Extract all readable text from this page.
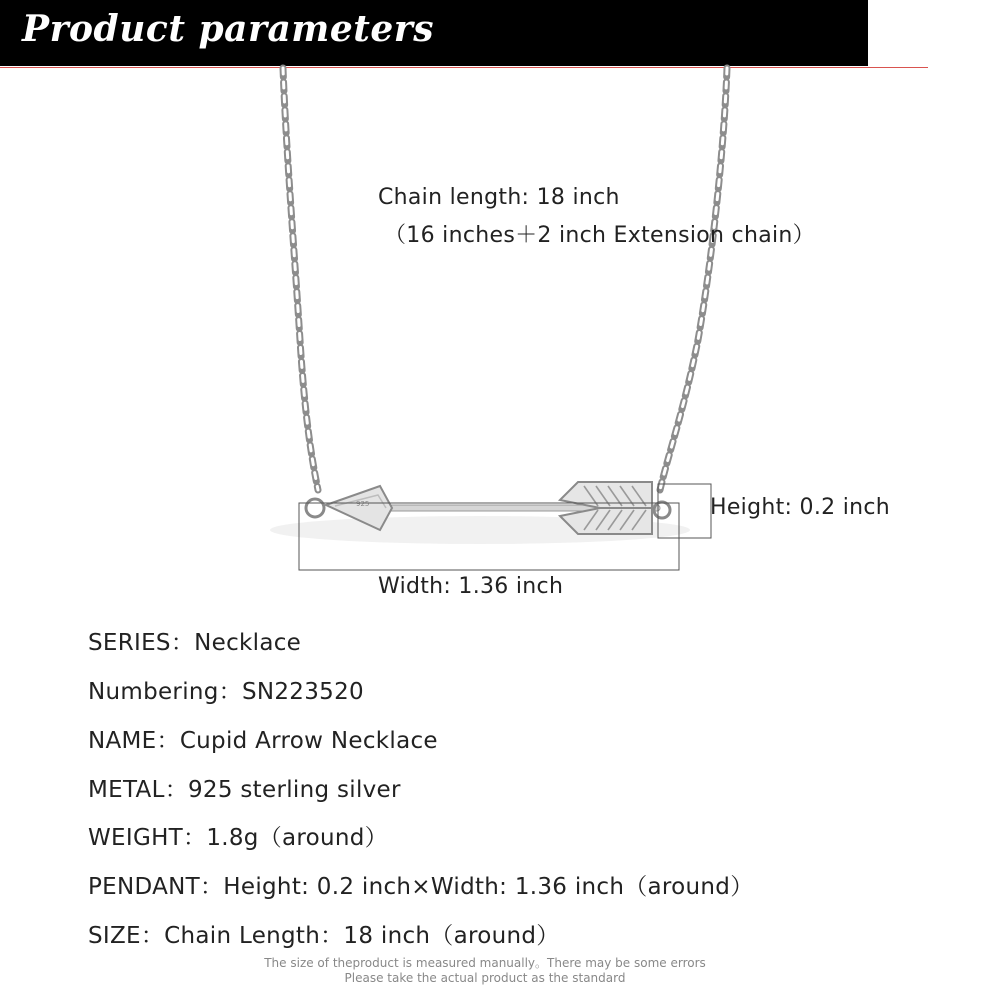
Product parameters
925
Chain length: 18 inch
（16 inches＋2 inch Extension chain）
Height: 0.2 inch
Width: 1.36 inch
SERIES：Necklace
Numbering：SN223520
NAME：Cupid Arrow Necklace
METAL：925 sterling silver
WEIGHT：1.8g（around）
PENDANT：Height: 0.2 inch×Width: 1.36 inch（around）
SIZE：Chain Length：18 inch（around）
The size of theproduct is measured manually。There may be some errors
Please take the actual product as the standard
